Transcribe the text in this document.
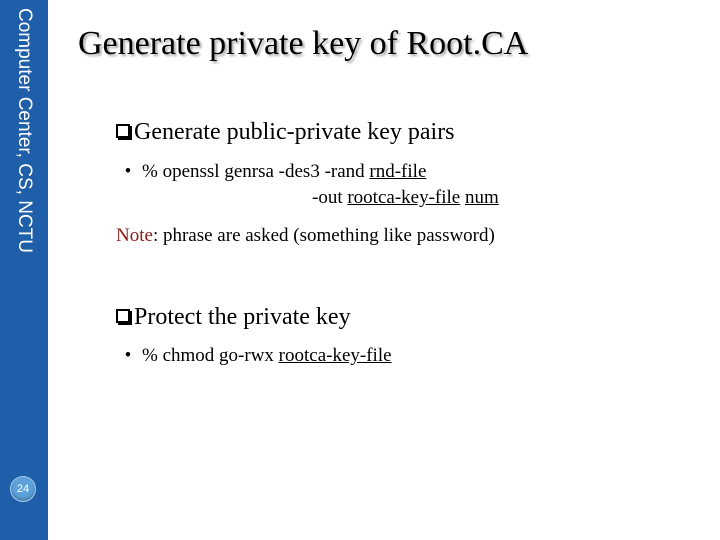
Computer Center, CS, NCTU
24
Generate private key of Root.CA
Generate public-private key pairs
• % openssl genrsa -des3 -rand rnd-file
-out rootca-key-file num
Note: phrase are asked (something like password)
Protect the private key
• % chmod go-rwx rootca-key-file
